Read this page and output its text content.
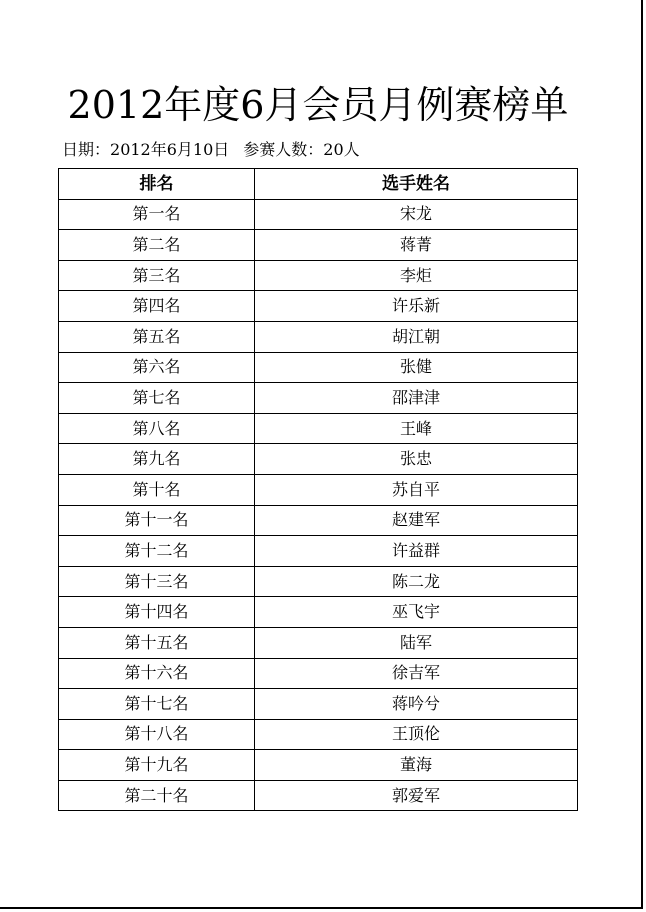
2012年度6月会员月例赛榜单
日期：2012年6月10日 参赛人数：20人
排名	选手姓名
第一名	宋龙
第二名	蒋菁
第三名	李炬
第四名	许乐新
第五名	胡江朝
第六名	张健
第七名	邵津津
第八名	王峰
第九名	张忠
第十名	苏自平
第十一名	赵建军
第十二名	许益群
第十三名	陈二龙
第十四名	巫飞宇
第十五名	陆军
第十六名	徐吉军
第十七名	蒋吟兮
第十八名	王顶伦
第十九名	董海
第二十名	郭爱军
